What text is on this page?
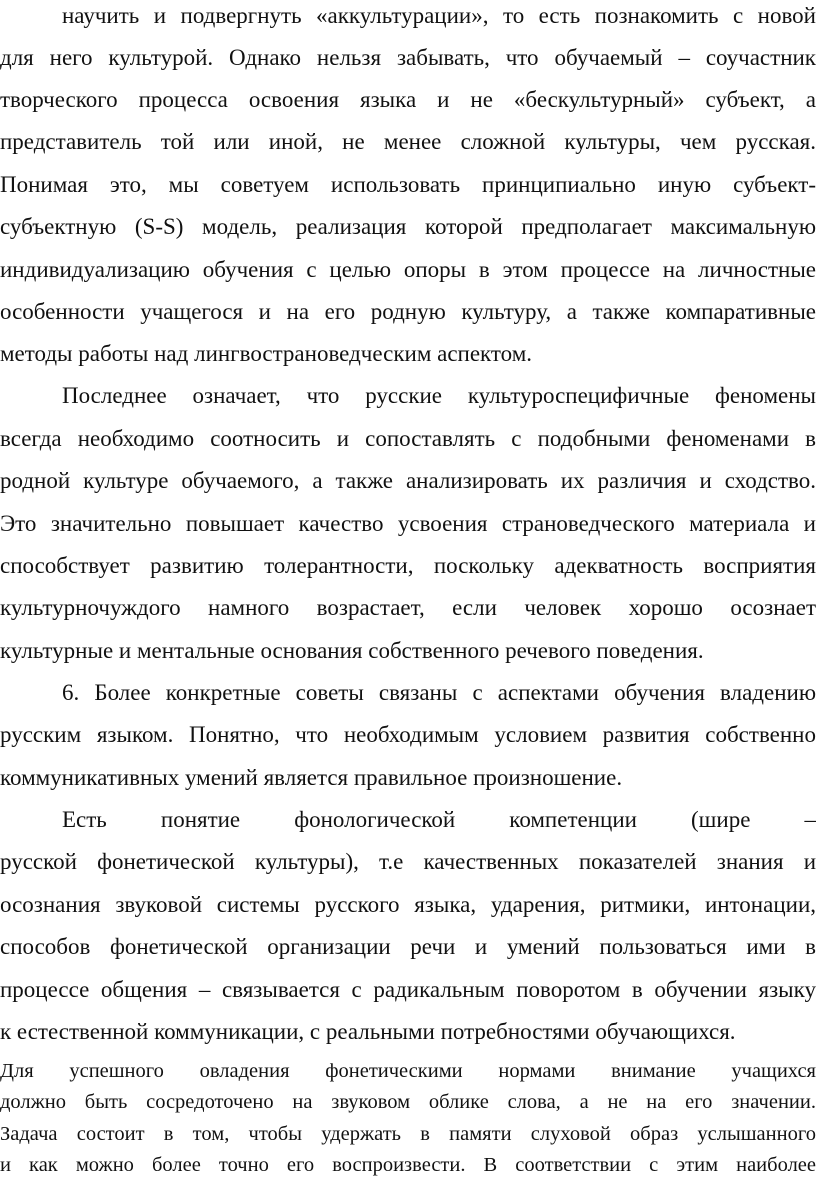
научить и подвергнуть «аккультурации», то есть познакомить с новой

для него культурой. Однако нельзя забывать, что обучаемый – соучастник

творческого процесса освоения языка и не «бескультурный» субъект, а

представитель той или иной, не менее сложной культуры, чем русская.

Понимая это, мы советуем использовать принципиально иную субъект-

субъектную (S-S) модель, реализация которой предполагает максимальную

индивидуализацию обучения с целью опоры в этом процессе на личностные

особенности учащегося и на его родную культуру, а также компаративные

методы работы над лингвострановедческим аспектом.

Последнее означает, что русские культуроспецифичные феномены

всегда необходимо соотносить и сопоставлять с подобными феноменами в

родной культуре обучаемого, а также анализировать их различия и сходство.

Это значительно повышает качество усвоения страноведческого материала и

способствует развитию толерантности, поскольку адекватность восприятия

культурночуждого намного возрастает, если человек хорошо осознает

культурные и ментальные основания собственного речевого поведения.

6. Более конкретные советы связаны с аспектами обучения владению

русским языком. Понятно, что необходимым условием развития собственно

коммуникативных умений является правильное произношение.

Есть понятие фонологической компетенции (шире –

русской фонетической культуры), т.е качественных показателей знания и

осознания звуковой системы русского языка, ударения, ритмики, интонации,

способов фонетической организации речи и умений пользоваться ими в

процессе общения – связывается с радикальным поворотом в обучении языку

к естественной коммуникации, с реальными потребностями обучающихся.

Для успешного овладения фонетическими нормами внимание учащихся

должно быть сосредоточено на звуковом облике слова, а не на его значении.

Задача состоит в том, чтобы удержать в памяти слуховой образ услышанного

и как можно более точно его воспроизвести. В соответствии с этим наиболее
